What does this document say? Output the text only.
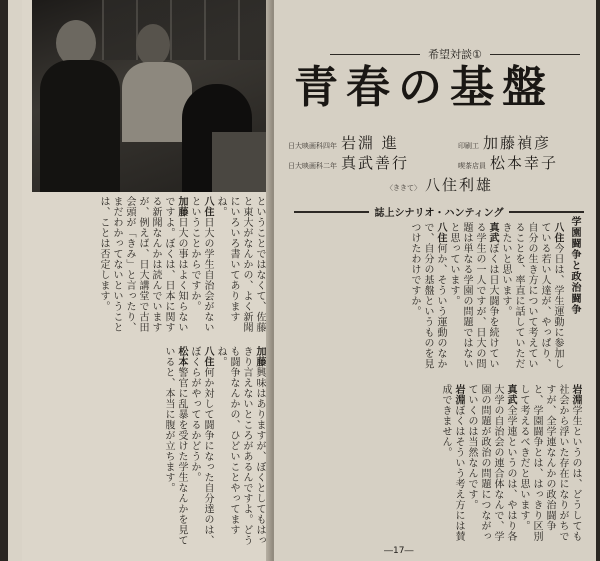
ということではなくて、佐藤と東大がなんかの、よく新聞にいろいろ書いてありますね。

八住日大の学生自治会がないということからですか。

加藤日大の事はよく知らないですよ。ぼくは、日本に関する新聞なんかは読んでいますが、例えば、日大講堂で古田会頭が「きみ」と言ったり、まだわかってないということは、ことは否定します。

加藤興味はありますが、ぼくとしてもはっきり言えないところがあるんですよ。どうも闘争なんかの、ひどいことやってますね。

八住何か対して闘争になった自分達のは、ぼくらがやってるかどうか。

松本警官に乱暴を受けた学生なんかを見ていると、本当に腹が立ちます。

希望対談①
青春の基盤
日大映画科四年 岩淵 進	印刷工 加藤禎彦
日大映画科二年 真武善行	喫茶店員 松本幸子
〈ききて〉 八住利雄
誌上シナリオ・ハンティング
学園闘争と政治闘争

八住今日は、学生運動に参加している若い人達が、やっぱり、自分の生き方について考えていることを、率直に話していただきたいと思います。

真武ぼくは日大闘争を続けている学生の一人ですが、日大の問題は単なる学園の問題ではないと思っています。

八住何か、そういう運動のなかで、自分の基盤というものを見つけたわけですか。

岩淵学生というのは、どうしても社会から浮いた存在になりがちですが、全学連なんかの政治闘争と、学園闘争とは、はっきり区別して考えるべきだと思います。

真武全学連というのは、やはり各大学の自治会の連合体なんで、学園の問題が政治の問題につながっていくのは当然なんです。

岩淵ぼくはそういう考え方には賛成できません。

―17―
